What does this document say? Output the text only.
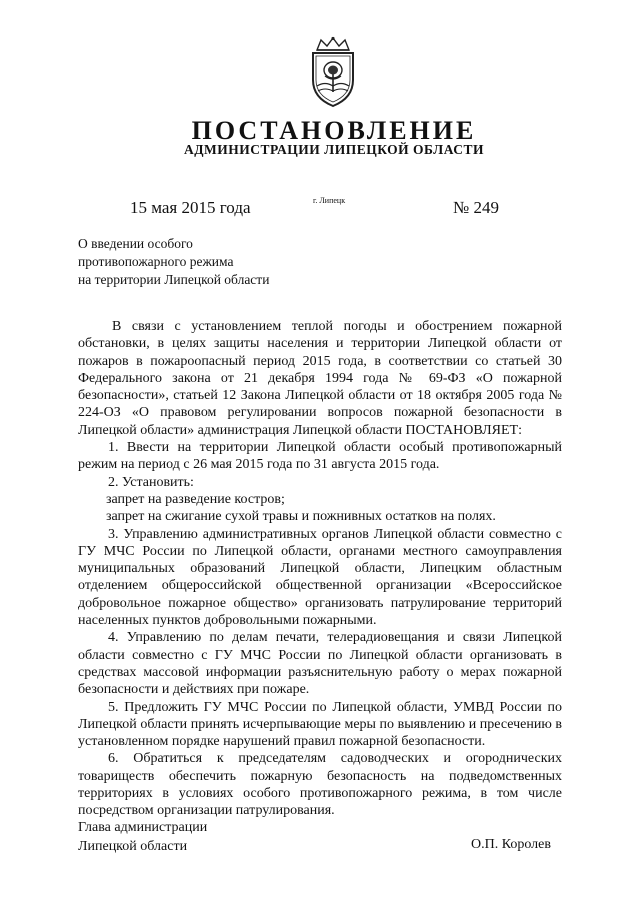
ПОСТАНОВЛЕНИЕ
АДМИНИСТРАЦИИ ЛИПЕЦКОЙ ОБЛАСТИ
15 мая 2015 года	г. Липецк	№ 249
О введении особого
противопожарного режима
на территории Липецкой области

В связи с установлением теплой погоды и обострением пожарной обстановки, в целях защиты населения и территории Липецкой области от пожаров в пожароопасный период 2015 года, в соответствии со статьей 30 Федерального закона от 21 декабря 1994 года № 69-ФЗ «О пожарной безопасности», статьей 12 Закона Липецкой области от 18 октября 2005 года № 224-ОЗ «О правовом регулировании вопросов пожарной безопасности в Липецкой области» администрация Липецкой области ПОСТАНОВЛЯЕТ:

1. Ввести на территории Липецкой области особый противопожарный режим на период с 26 мая 2015 года по 31 августа 2015 года.

2. Установить:

запрет на разведение костров;

запрет на сжигание сухой травы и пожнивных остатков на полях.

3. Управлению административных органов Липецкой области совместно с ГУ МЧС России по Липецкой области, органами местного самоуправления муниципальных образований Липецкой области, Липецким областным отделением общероссийской общественной организации «Всероссийское добровольное пожарное общество» организовать патрулирование территорий населенных пунктов добровольными пожарными.

4. Управлению по делам печати, телерадиовещания и связи Липецкой области совместно с ГУ МЧС России по Липецкой области организовать в средствах массовой информации разъяснительную работу о мерах пожарной безопасности и действиях при пожаре.

5. Предложить ГУ МЧС России по Липецкой области, УМВД России по Липецкой области принять исчерпывающие меры по выявлению и пресечению в установленном порядке нарушений правил пожарной безопасности.

6. Обратиться к председателям садоводческих и огороднических товариществ обеспечить пожарную безопасность на подведомственных территориях в условиях особого противопожарного режима, в том числе посредством организации патрулирования.

Глава администрации
Липецкой области	О.П. Королев
